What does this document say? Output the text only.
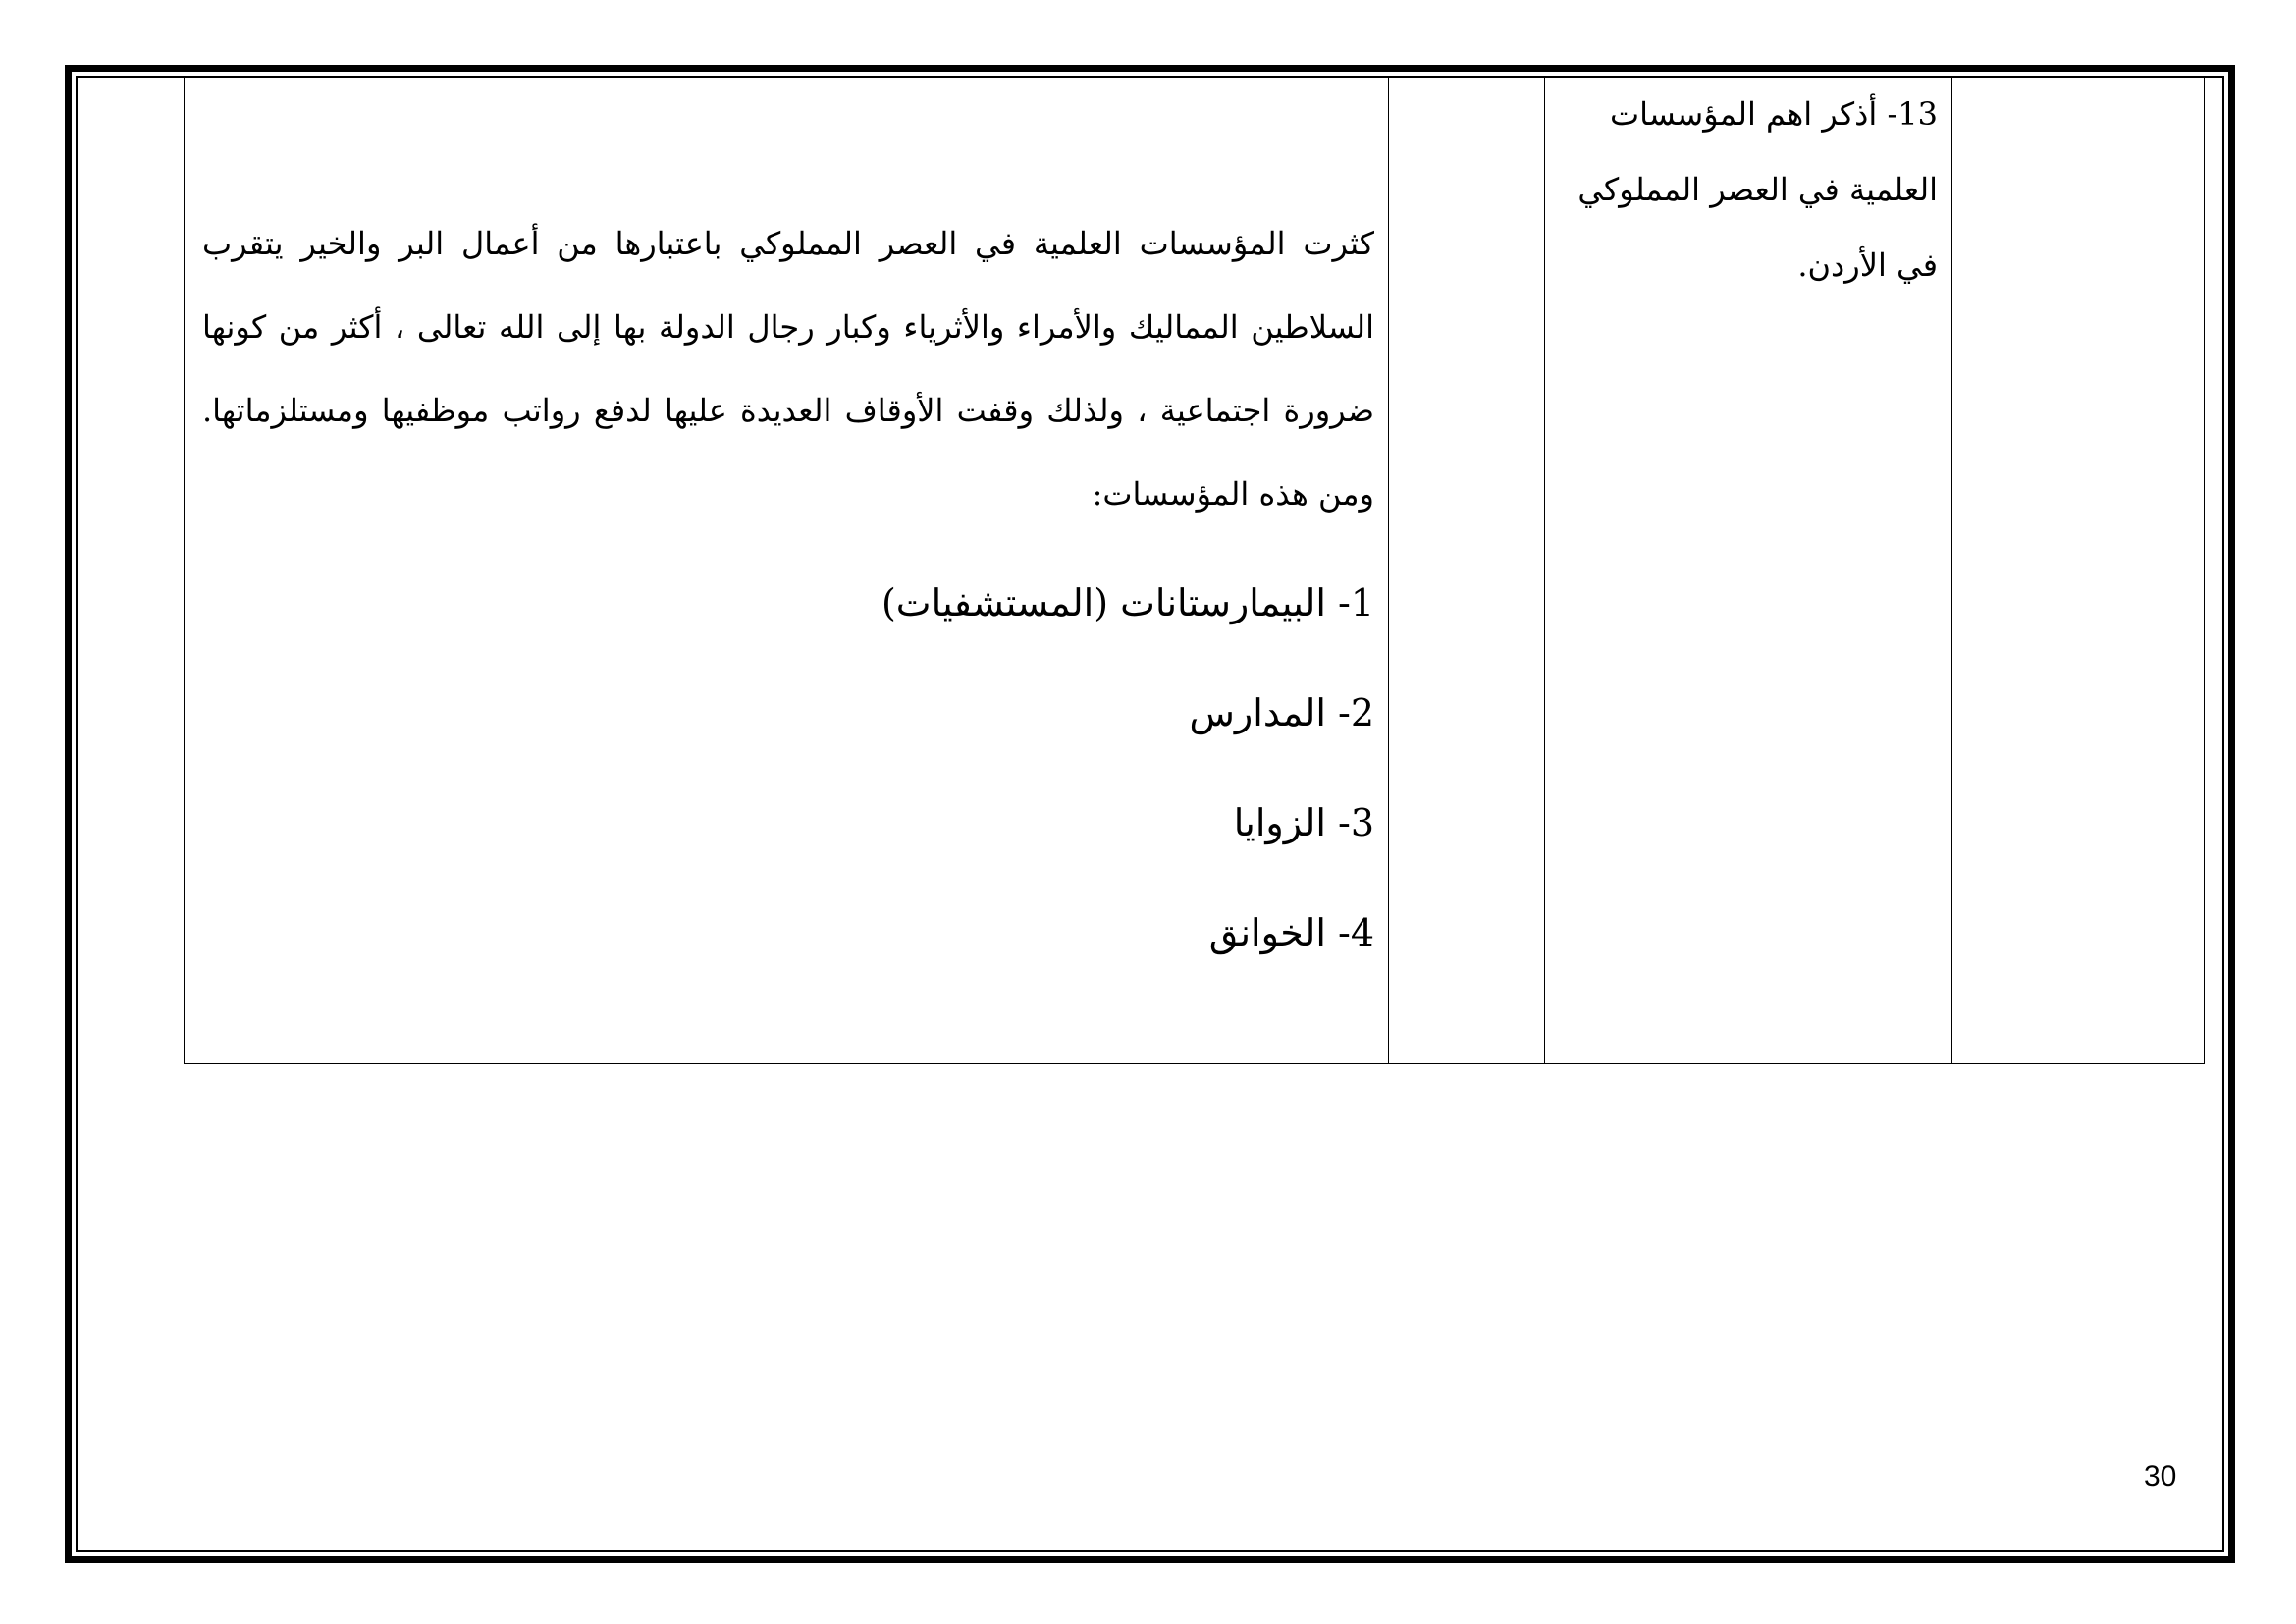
13- أذكر اهم المؤسسات العلمية في العصر المملوكي في الأردن.

كثرت المؤسسات العلمية في العصر المملوكي باعتبارها من أعمال البر والخير يتقرب السلاطين المماليك والأمراء والأثرياء وكبار رجال الدولة بها إلى الله تعالى ، أكثر من كونها ضرورة اجتماعية ، ولذلك وقفت الأوقاف العديدة عليها لدفع رواتب موظفيها ومستلزماتها. ومن هذه المؤسسات:

1- البيمارستانات (المستشفيات)
2- المدارس
3- الزوايا
4- الخوانق
30
